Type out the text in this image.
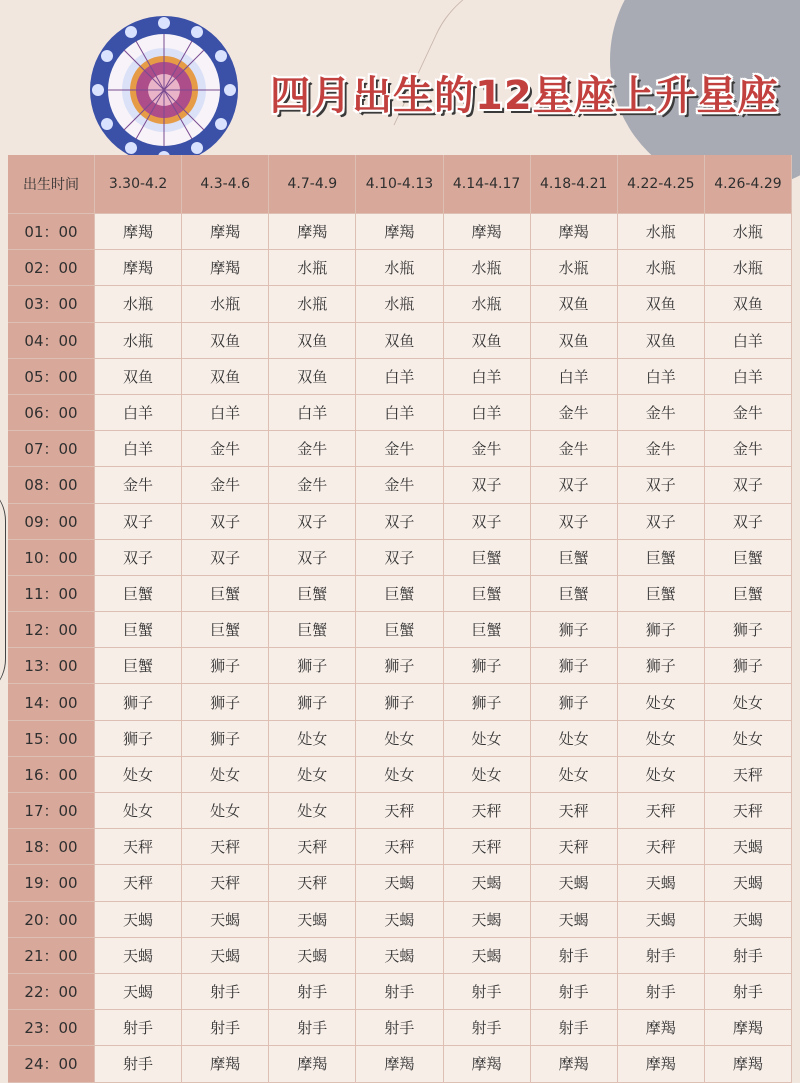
四月出生的12星座上升星座
出生时间	3.30-4.2	4.3-4.6	4.7-4.9	4.10-4.13	4.14-4.17	4.18-4.21	4.22-4.25	4.26-4.29
01：00	摩羯	摩羯	摩羯	摩羯	摩羯	摩羯	水瓶	水瓶
02：00	摩羯	摩羯	水瓶	水瓶	水瓶	水瓶	水瓶	水瓶
03：00	水瓶	水瓶	水瓶	水瓶	水瓶	双鱼	双鱼	双鱼
04：00	水瓶	双鱼	双鱼	双鱼	双鱼	双鱼	双鱼	白羊
05：00	双鱼	双鱼	双鱼	白羊	白羊	白羊	白羊	白羊
06：00	白羊	白羊	白羊	白羊	白羊	金牛	金牛	金牛
07：00	白羊	金牛	金牛	金牛	金牛	金牛	金牛	金牛
08：00	金牛	金牛	金牛	金牛	双子	双子	双子	双子
09：00	双子	双子	双子	双子	双子	双子	双子	双子
10：00	双子	双子	双子	双子	巨蟹	巨蟹	巨蟹	巨蟹
11：00	巨蟹	巨蟹	巨蟹	巨蟹	巨蟹	巨蟹	巨蟹	巨蟹
12：00	巨蟹	巨蟹	巨蟹	巨蟹	巨蟹	狮子	狮子	狮子
13：00	巨蟹	狮子	狮子	狮子	狮子	狮子	狮子	狮子
14：00	狮子	狮子	狮子	狮子	狮子	狮子	处女	处女
15：00	狮子	狮子	处女	处女	处女	处女	处女	处女
16：00	处女	处女	处女	处女	处女	处女	处女	天秤
17：00	处女	处女	处女	天秤	天秤	天秤	天秤	天秤
18：00	天秤	天秤	天秤	天秤	天秤	天秤	天秤	天蝎
19：00	天秤	天秤	天秤	天蝎	天蝎	天蝎	天蝎	天蝎
20：00	天蝎	天蝎	天蝎	天蝎	天蝎	天蝎	天蝎	天蝎
21：00	天蝎	天蝎	天蝎	天蝎	天蝎	射手	射手	射手
22：00	天蝎	射手	射手	射手	射手	射手	射手	射手
23：00	射手	射手	射手	射手	射手	射手	摩羯	摩羯
24：00	射手	摩羯	摩羯	摩羯	摩羯	摩羯	摩羯	摩羯
